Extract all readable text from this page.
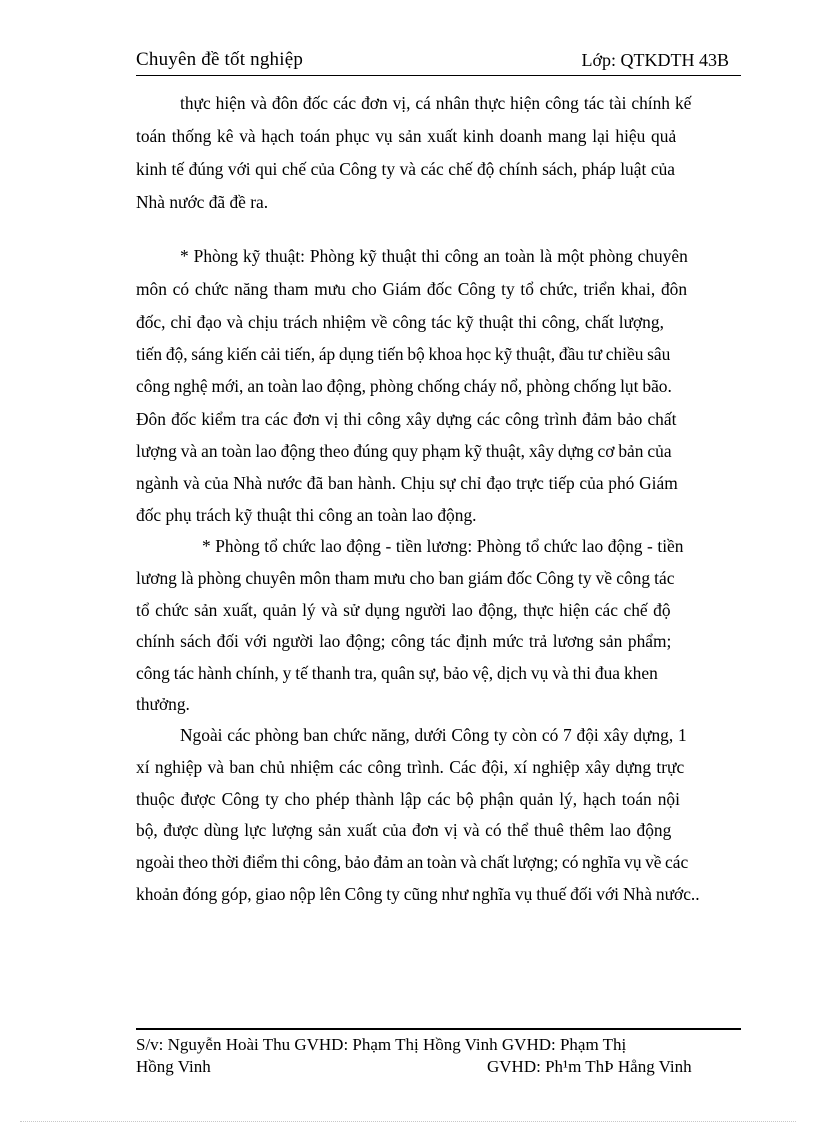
Chuyên đề tốt nghiệp	Lớp: QTKDTH 43B
thực hiện và đôn đốc các đơn vị, cá nhân thực hiện công tác tài chính kế
toán thống kê và hạch toán phục vụ sản xuất kinh doanh mang lại hiệu quả
kinh tế đúng với qui chế của Công ty và các chế độ chính sách, pháp luật của
Nhà nước đã đề ra.
* Phòng kỹ thuật: Phòng kỹ thuật thi công an toàn là một phòng chuyên
môn có chức năng tham mưu cho Giám đốc Công ty tổ chức, triển khai, đôn
đốc, chỉ đạo và chịu trách nhiệm về công tác kỹ thuật thi công, chất lượng,
tiến độ, sáng kiến cải tiến, áp dụng tiến bộ khoa học kỹ thuật, đầu tư chiều sâu
công nghệ mới, an toàn lao động, phòng chống cháy nổ, phòng chống lụt bão.
Đôn đốc kiểm tra các đơn vị thi công xây dựng các công trình đảm bảo chất
lượng và an toàn lao động theo đúng quy phạm kỹ thuật, xây dựng cơ bản của
ngành và của Nhà nước đã ban hành. Chịu sự chỉ đạo trực tiếp của phó Giám
đốc phụ trách kỹ thuật thi công an toàn lao động.
* Phòng tổ chức lao động - tiền lương: Phòng tổ chức lao động - tiền
lương là phòng chuyên môn tham mưu cho ban giám đốc Công ty về công tác
tổ chức sản xuất, quản lý và sử dụng người lao động, thực hiện các chế độ
chính sách đối với người lao động; công tác định mức trả lương sản phẩm;
công tác hành chính, y tế thanh tra, quân sự, bảo vệ, dịch vụ và thi đua khen
thưởng.
Ngoài các phòng ban chức năng, dưới Công ty còn có 7 đội xây dựng, 1
xí nghiệp và ban chủ nhiệm các công trình. Các đội, xí nghiệp xây dựng trực
thuộc được Công ty cho phép thành lập các bộ phận quản lý, hạch toán nội
bộ, được dùng lực lượng sản xuất của đơn vị và có thể thuê thêm lao động
ngoài theo thời điểm thi công, bảo đảm an toàn và chất lượng; có nghĩa vụ về các
khoản đóng góp, giao nộp lên Công ty cũng như nghĩa vụ thuế đối với Nhà nước..
S/v: Nguyễn Hoài Thu GVHD: Phạm Thị Hồng Vinh GVHD: Phạm Thị
Hồng Vinh	GVHD: Ph¹m ThÞ Hång Vinh
